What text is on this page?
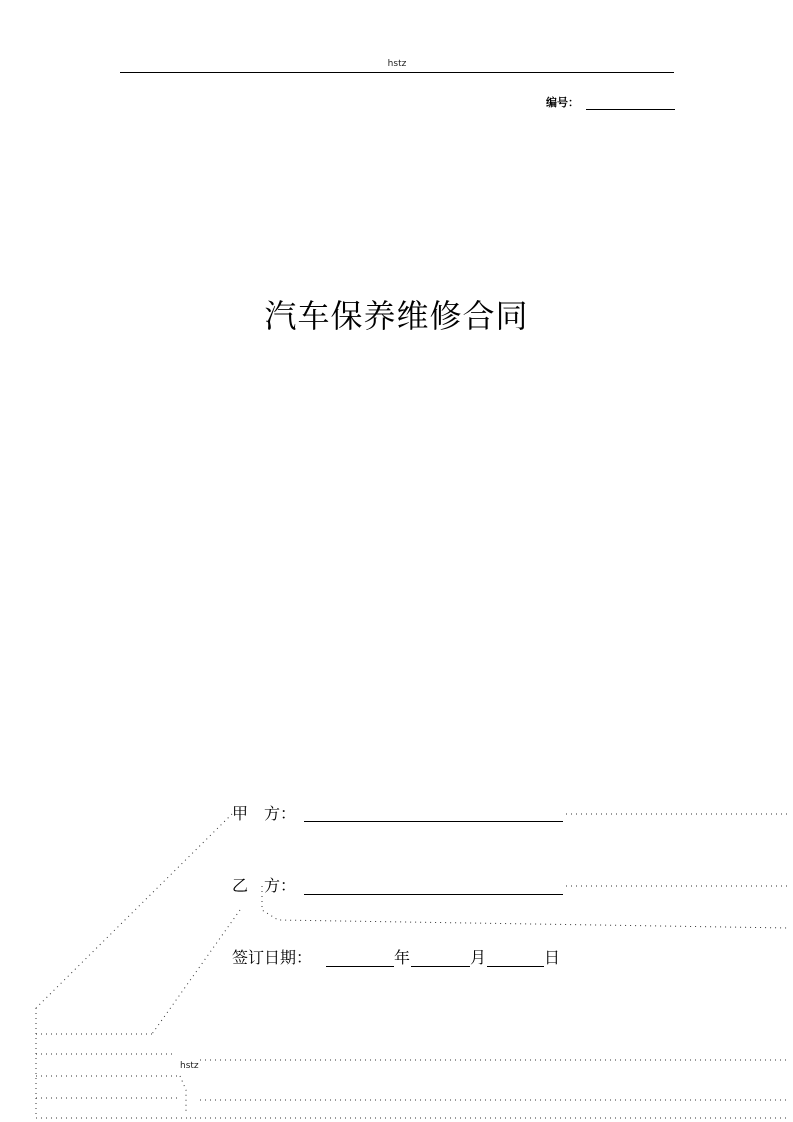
hstz
编号：
汽车保养维修合同
甲　方：
乙　方：
签订日期：	年	月	日
hstz
